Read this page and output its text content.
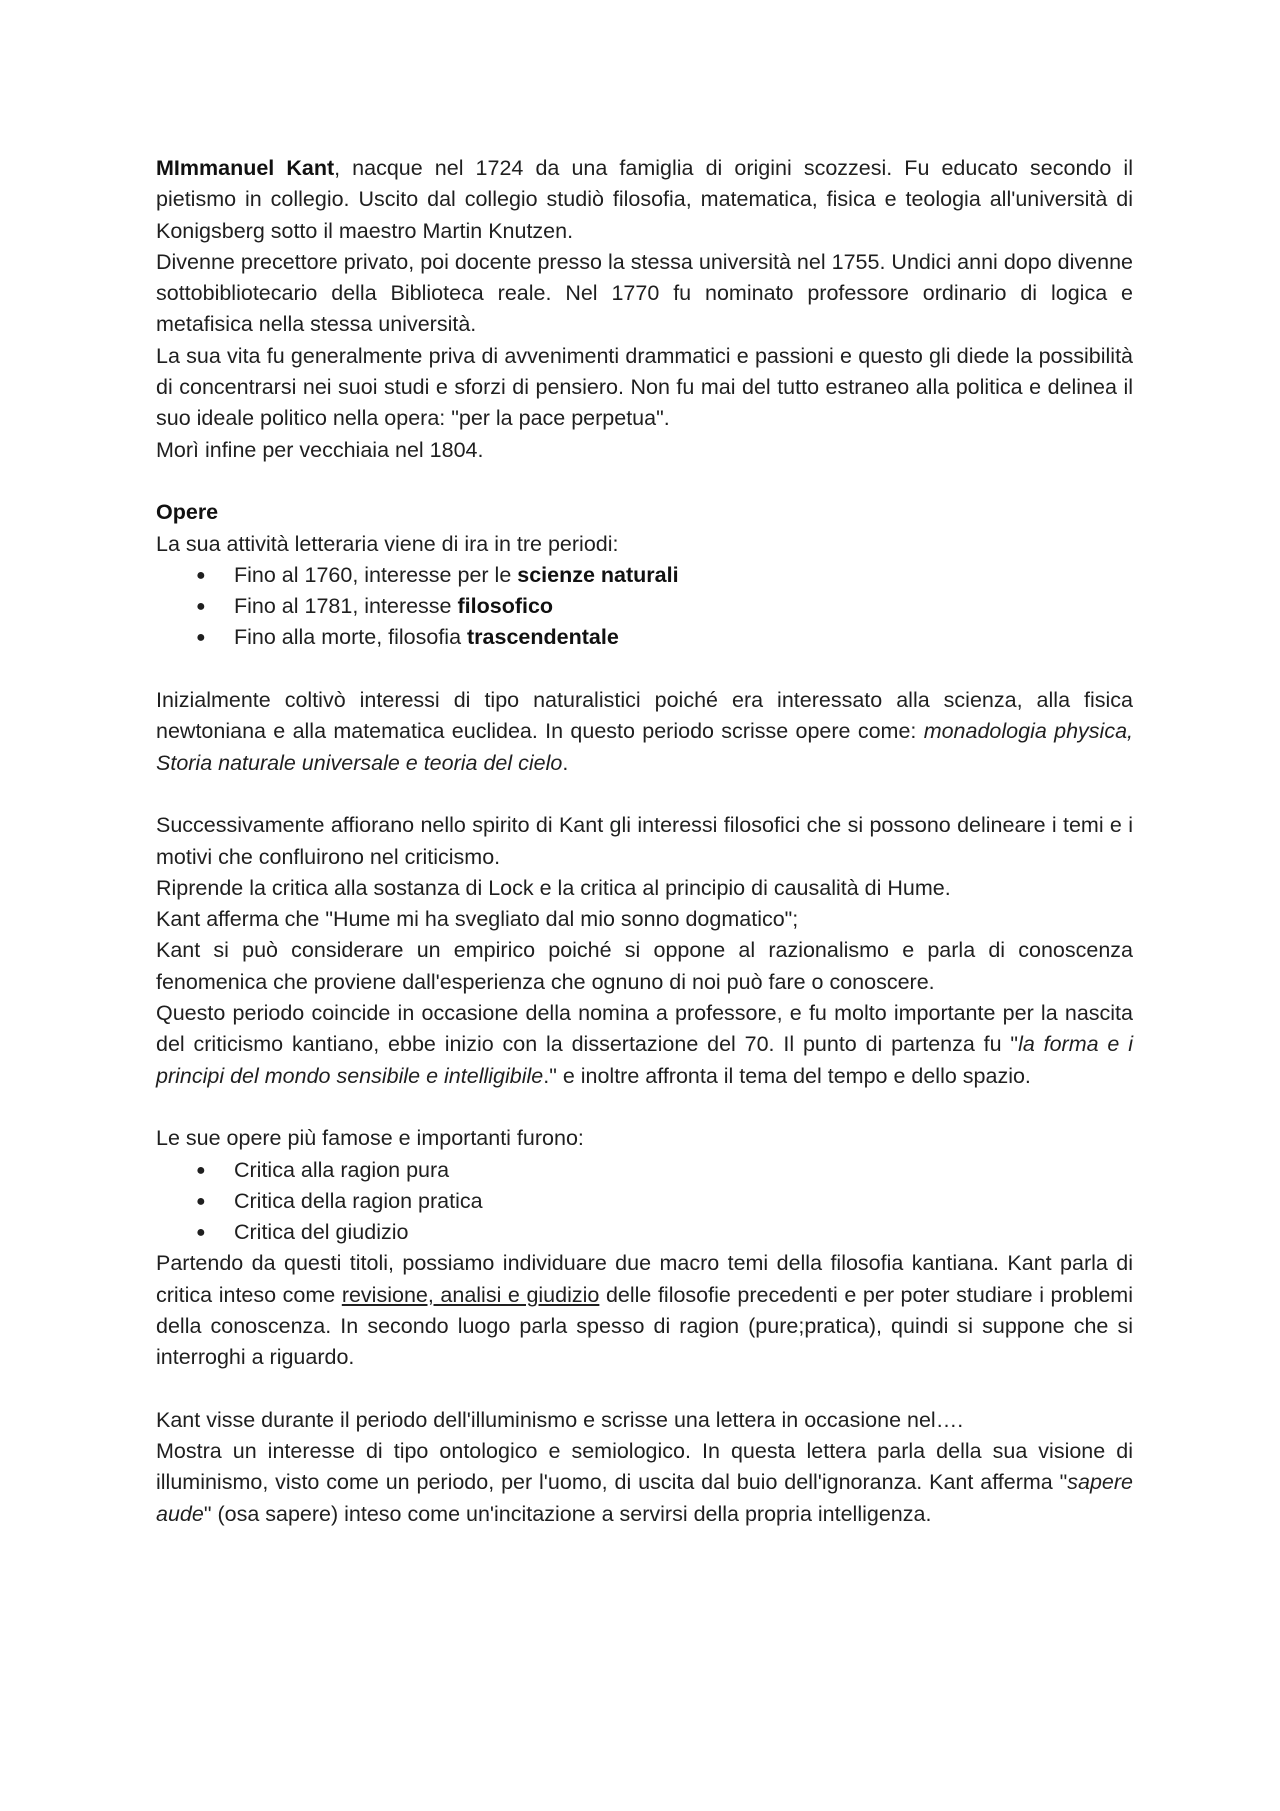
MImmanuel Kant, nacque nel 1724 da una famiglia di origini scozzesi. Fu educato secondo il pietismo in collegio. Uscito dal collegio studiò filosofia, matematica, fisica e teologia all'università di Konigsberg sotto il maestro Martin Knutzen.

Divenne precettore privato, poi docente presso la stessa università nel 1755. Undici anni dopo divenne sottobibliotecario della Biblioteca reale. Nel 1770 fu nominato professore ordinario di logica e metafisica nella stessa università.

La sua vita fu generalmente priva di avvenimenti drammatici e passioni e questo gli diede la possibilità di concentrarsi nei suoi studi e sforzi di pensiero. Non fu mai del tutto estraneo alla politica e delinea il suo ideale politico nella opera: "per la pace perpetua".

Morì infine per vecchiaia nel 1804.

Opere

La sua attività letteraria viene di ira in tre periodi:

● Fino al 1760, interesse per le scienze naturali
● Fino al 1781, interesse filosofico
● Fino alla morte, filosofia trascendentale

Inizialmente coltivò interessi di tipo naturalistici poiché era interessato alla scienza, alla fisica newtoniana e alla matematica euclidea. In questo periodo scrisse opere come: monadologia physica, Storia naturale universale e teoria del cielo.

Successivamente affiorano nello spirito di Kant gli interessi filosofici che si possono delineare i temi e i motivi che confluirono nel criticismo.

Riprende la critica alla sostanza di Lock e la critica al principio di causalità di Hume.

Kant afferma che "Hume mi ha svegliato dal mio sonno dogmatico";

Kant si può considerare un empirico poiché si oppone al razionalismo e parla di conoscenza fenomenica che proviene dall'esperienza che ognuno di noi può fare o conoscere.

Questo periodo coincide in occasione della nomina a professore, e fu molto importante per la nascita del criticismo kantiano, ebbe inizio con la dissertazione del 70. Il punto di partenza fu "la forma e i principi del mondo sensibile e intelligibile." e inoltre affronta il tema del tempo e dello spazio.

Le sue opere più famose e importanti furono:

● Critica alla ragion pura
● Critica della ragion pratica
● Critica del giudizio

Partendo da questi titoli, possiamo individuare due macro temi della filosofia kantiana. Kant parla di critica inteso come revisione, analisi e giudizio delle filosofie precedenti e per poter studiare i problemi della conoscenza. In secondo luogo parla spesso di ragion (pure;pratica), quindi si suppone che si interroghi a riguardo.

Kant visse durante il periodo dell'illuminismo e scrisse una lettera in occasione nel….

Mostra un interesse di tipo ontologico e semiologico. In questa lettera parla della sua visione di illuminismo, visto come un periodo, per l'uomo, di uscita dal buio dell'ignoranza. Kant afferma "sapere aude" (osa sapere) inteso come un'incitazione a servirsi della propria intelligenza.
